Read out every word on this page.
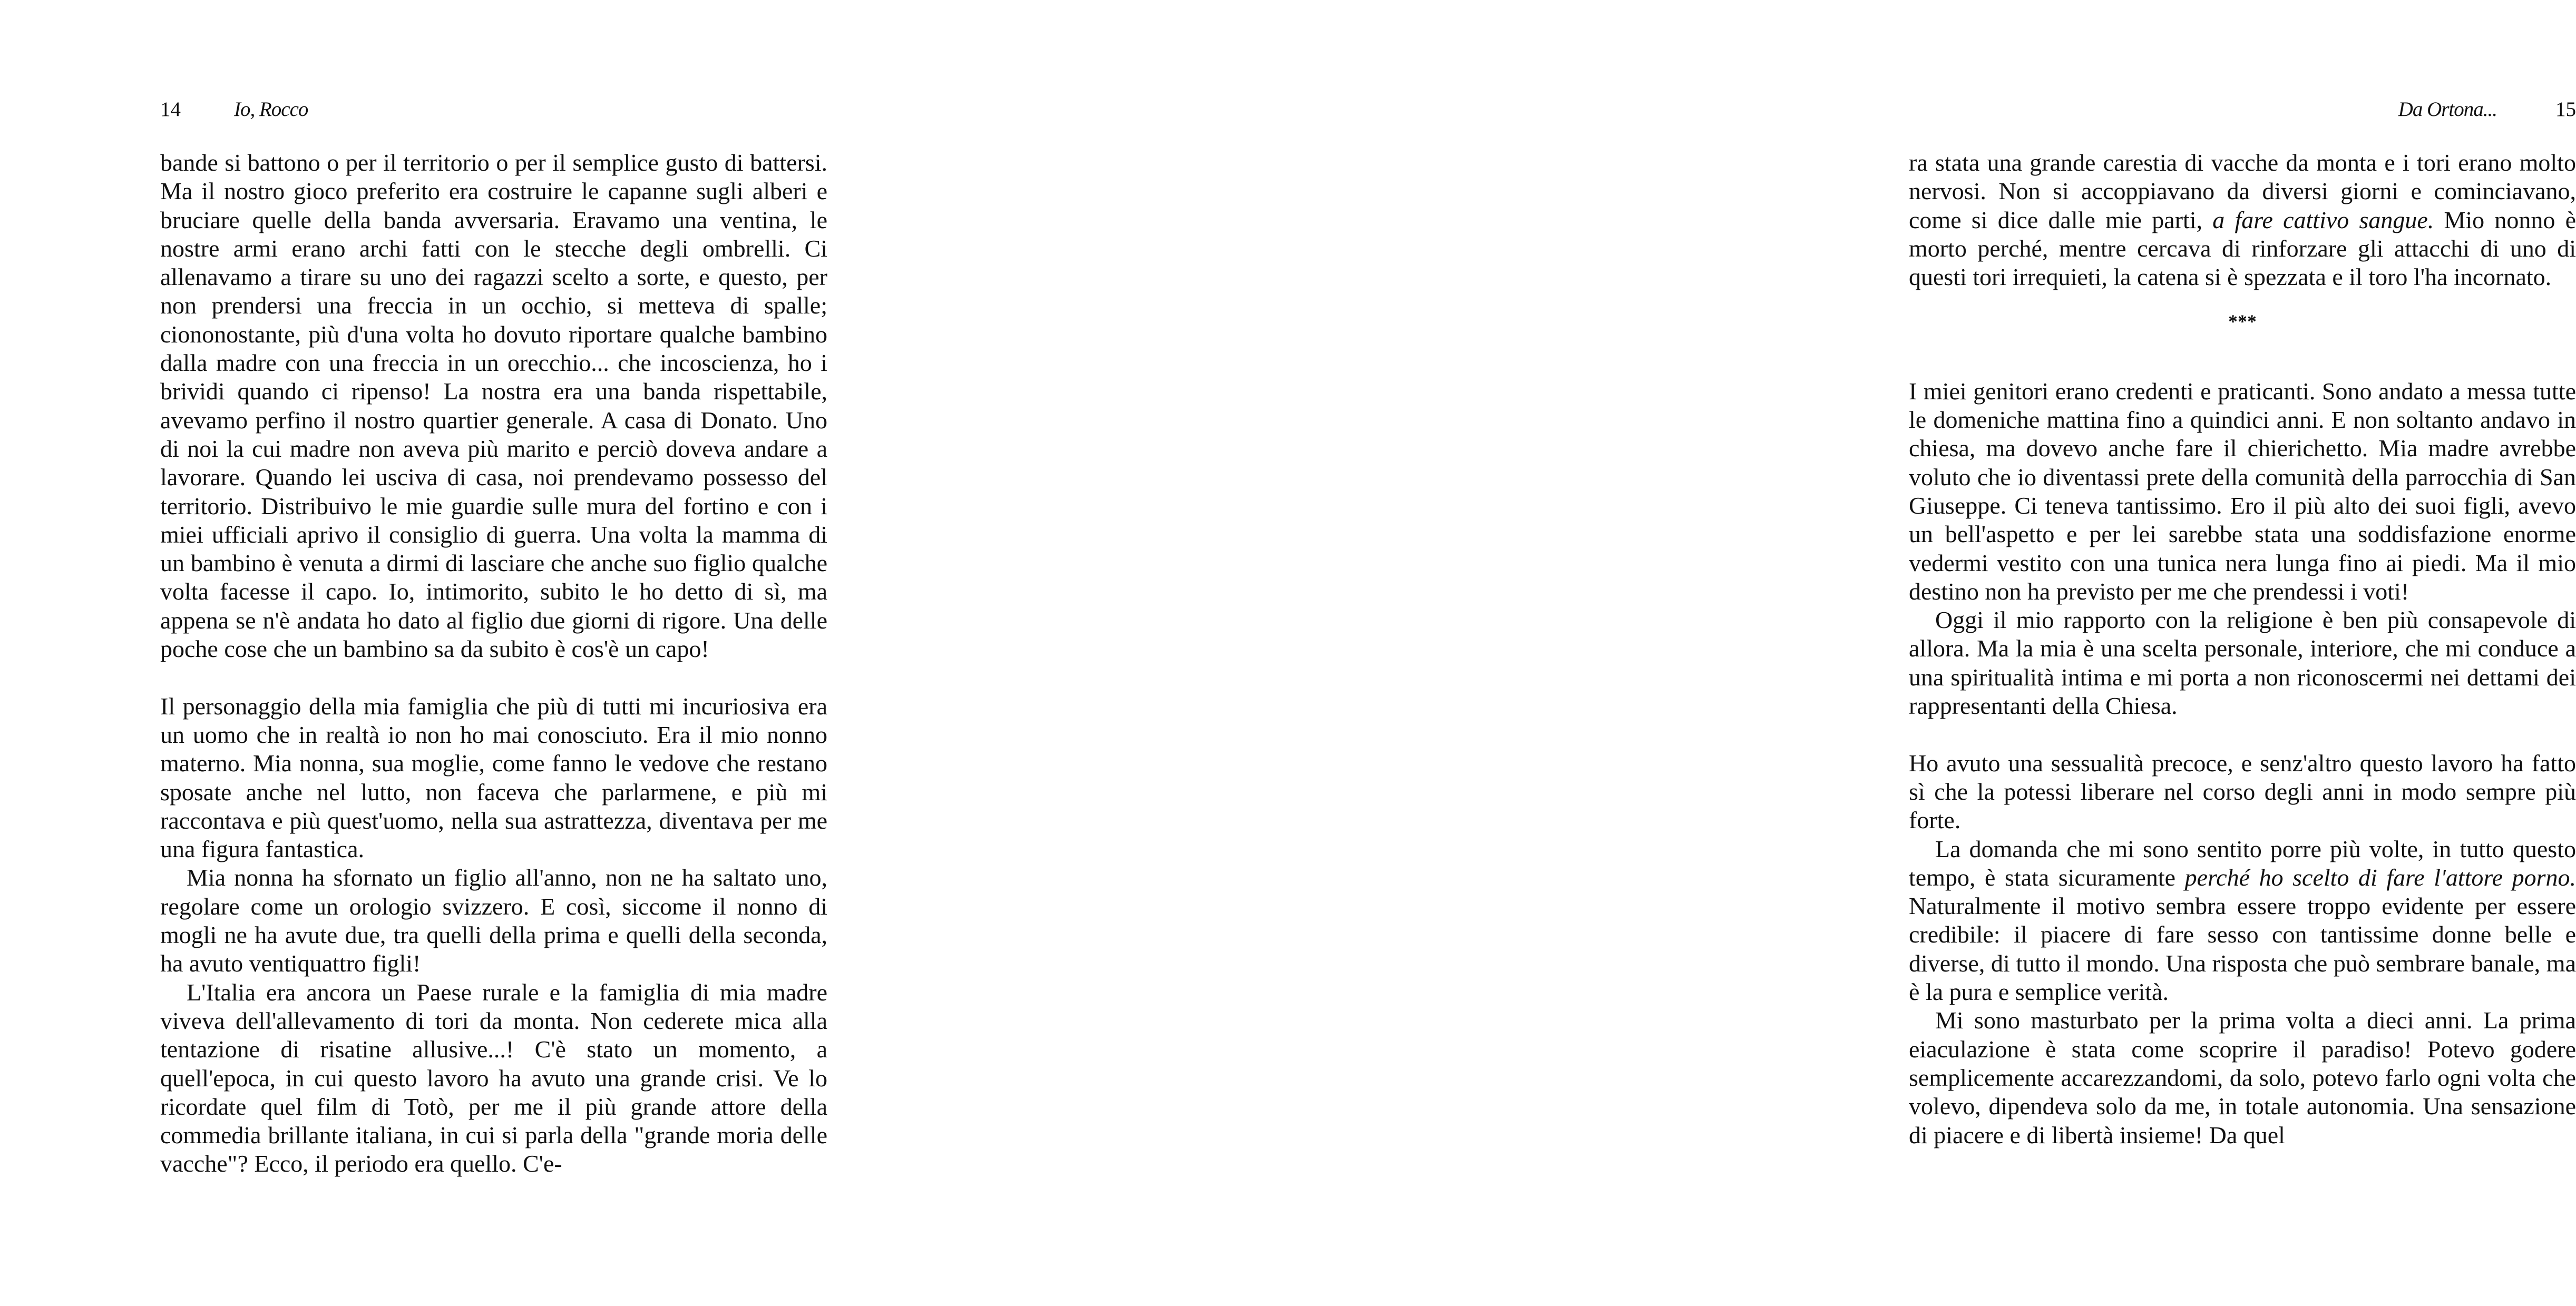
14	Io, Rocco

bande si battono o per il territorio o per il semplice gusto di battersi. Ma il nostro gioco preferito era costruire le capanne sugli alberi e bruciare quelle della banda avversaria. Eravamo una ventina, le nostre armi erano archi fatti con le stecche degli ombrelli. Ci allenavamo a tirare su uno dei ragazzi scelto a sorte, e questo, per non prendersi una freccia in un occhio, si metteva di spalle; ciononostante, più d'una volta ho dovuto riportare qualche bambino dalla madre con una freccia in un orecchio... che incoscienza, ho i brividi quando ci ripenso! La nostra era una banda rispettabile, avevamo perfino il nostro quartier generale. A casa di Donato. Uno di noi la cui madre non aveva più marito e perciò doveva andare a lavorare. Quando lei usciva di casa, noi prendevamo possesso del territorio. Distribuivo le mie guardie sulle mura del fortino e con i miei ufficiali aprivo il consiglio di guerra. Una volta la mamma di un bambino è venuta a dirmi di lasciare che anche suo figlio qualche volta facesse il capo. Io, intimorito, subito le ho detto di sì, ma appena se n'è andata ho dato al figlio due giorni di rigore. Una delle poche cose che un bambino sa da subito è cos'è un capo!

Il personaggio della mia famiglia che più di tutti mi incuriosiva era un uomo che in realtà io non ho mai conosciuto. Era il mio nonno materno. Mia nonna, sua moglie, come fanno le vedove che restano sposate anche nel lutto, non faceva che parlarmene, e più mi raccontava e più quest'uomo, nella sua astrattezza, diventava per me una figura fantastica.

Mia nonna ha sfornato un figlio all'anno, non ne ha saltato uno, regolare come un orologio svizzero. E così, siccome il nonno di mogli ne ha avute due, tra quelli della prima e quelli della seconda, ha avuto ventiquattro figli!

L'Italia era ancora un Paese rurale e la famiglia di mia madre viveva dell'allevamento di tori da monta. Non cederete mica alla tentazione di risatine allusive...! C'è stato un momento, a quell'epoca, in cui questo lavoro ha avuto una grande crisi. Ve lo ricordate quel film di Totò, per me il più grande attore della commedia brillante italiana, in cui si parla della "grande moria delle vacche"? Ecco, il periodo era quello. C'e-

Da Ortona...	15

ra stata una grande carestia di vacche da monta e i tori erano molto nervosi. Non si accoppiavano da diversi giorni e cominciavano, come si dice dalle mie parti, a fare cattivo sangue. Mio nonno è morto perché, mentre cercava di rinforzare gli attacchi di uno di questi tori irrequieti, la catena si è spezzata e il toro l'ha incornato.

***

I miei genitori erano credenti e praticanti. Sono andato a messa tutte le domeniche mattina fino a quindici anni. E non soltanto andavo in chiesa, ma dovevo anche fare il chierichetto. Mia madre avrebbe voluto che io diventassi prete della comunità della parrocchia di San Giuseppe. Ci teneva tantissimo. Ero il più alto dei suoi figli, avevo un bell'aspetto e per lei sarebbe stata una soddisfazione enorme vedermi vestito con una tunica nera lunga fino ai piedi. Ma il mio destino non ha previsto per me che prendessi i voti!

Oggi il mio rapporto con la religione è ben più consapevole di allora. Ma la mia è una scelta personale, interiore, che mi conduce a una spiritualità intima e mi porta a non riconoscermi nei dettami dei rappresentanti della Chiesa.

Ho avuto una sessualità precoce, e senz'altro questo lavoro ha fatto sì che la potessi liberare nel corso degli anni in modo sempre più forte.

La domanda che mi sono sentito porre più volte, in tutto questo tempo, è stata sicuramente perché ho scelto di fare l'attore porno. Naturalmente il motivo sembra essere troppo evidente per essere credibile: il piacere di fare sesso con tantissime donne belle e diverse, di tutto il mondo. Una risposta che può sembrare banale, ma è la pura e semplice verità.

Mi sono masturbato per la prima volta a dieci anni. La prima eiaculazione è stata come scoprire il paradiso! Potevo godere semplicemente accarezzandomi, da solo, potevo farlo ogni volta che volevo, dipendeva solo da me, in totale autonomia. Una sensazione di piacere e di libertà insieme! Da quel
